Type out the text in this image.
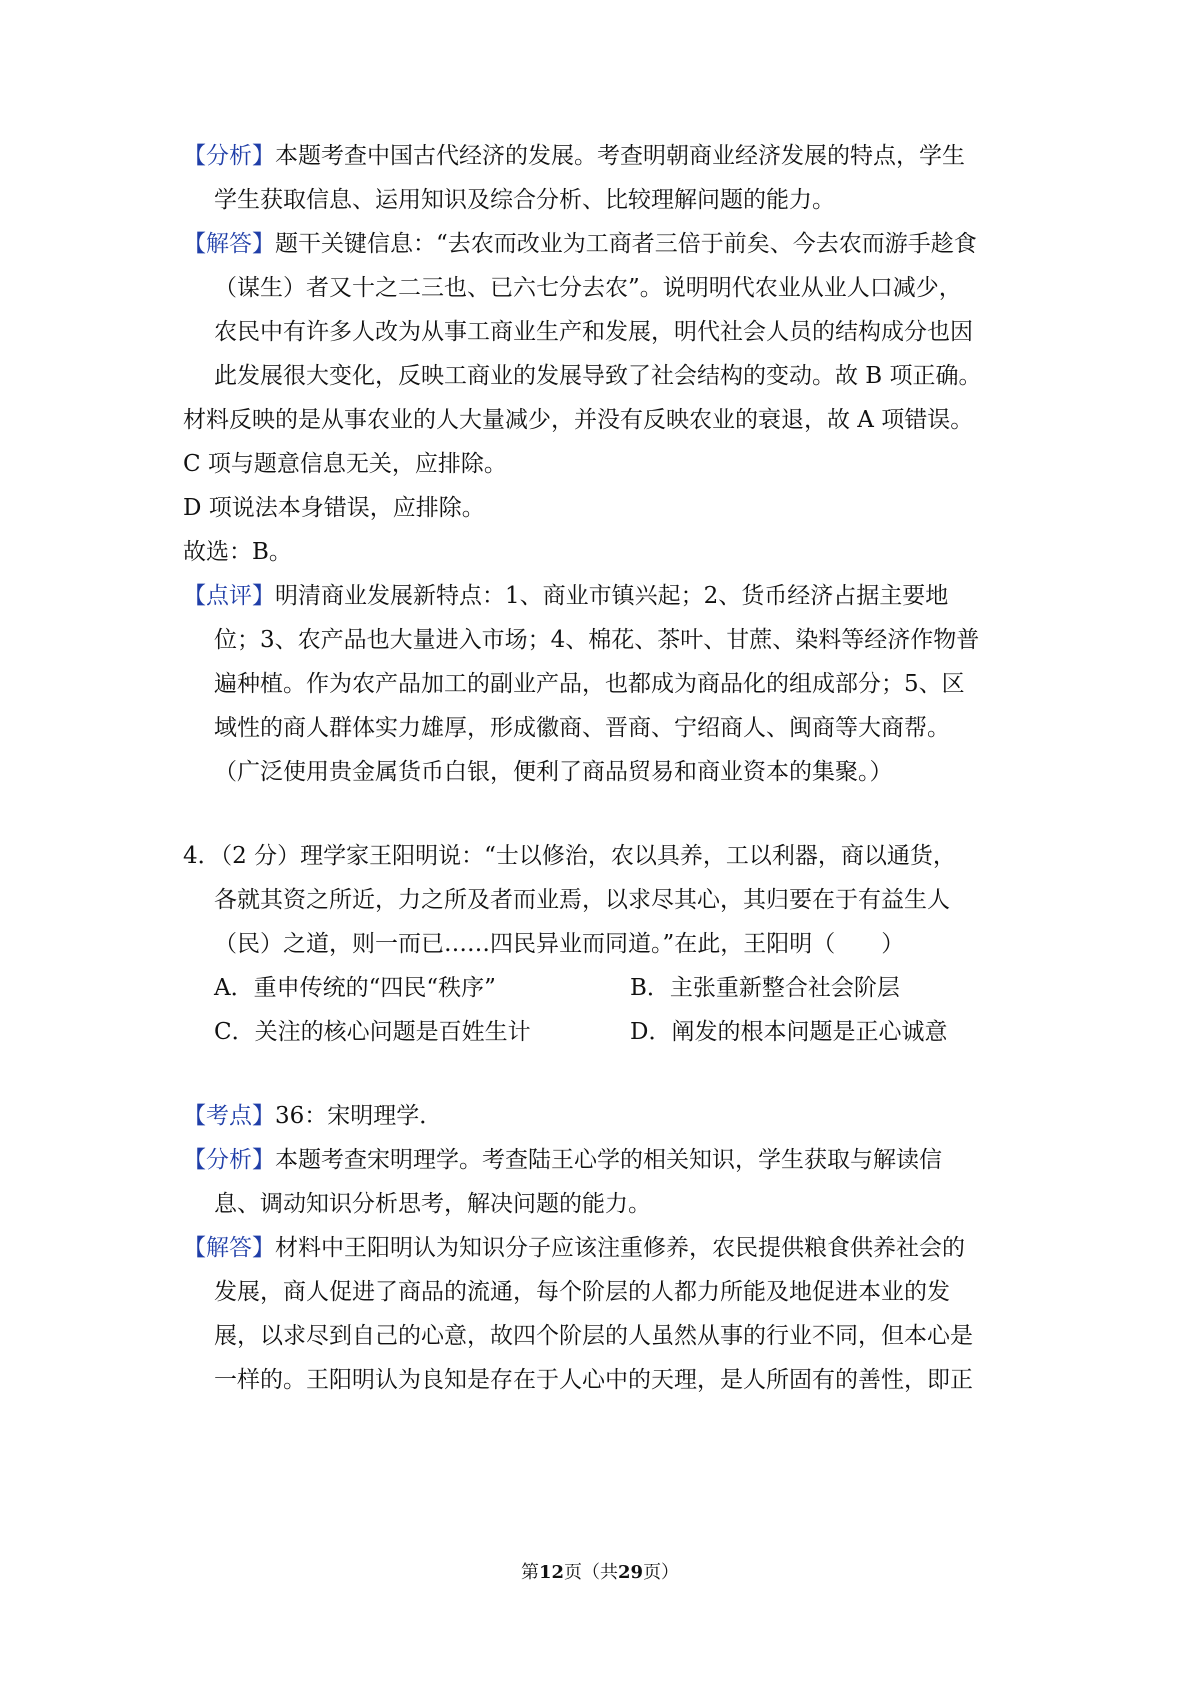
【分析】本题考查中国古代经济的发展。考查明朝商业经济发展的特点，学生
学生获取信息、运用知识及综合分析、比较理解问题的能力。
【解答】题干关键信息：“去农而改业为工商者三倍于前矣、今去农而游手趁食
（谋生）者又十之二三也、已六七分去农”。说明明代农业从业人口减少，
农民中有许多人改为从事工商业生产和发展，明代社会人员的结构成分也因
此发展很大变化，反映工商业的发展导致了社会结构的变动。故 B 项正确。
材料反映的是从事农业的人大量减少，并没有反映农业的衰退，故 A 项错误。
C 项与题意信息无关，应排除。
D 项说法本身错误，应排除。
故选：B。
【点评】明清商业发展新特点：1、商业市镇兴起；2、货币经济占据主要地
位；3、农产品也大量进入市场；4、棉花、茶叶、甘蔗、染料等经济作物普
遍种植。作为农产品加工的副业产品，也都成为商品化的组成部分；5、区
域性的商人群体实力雄厚，形成徽商、晋商、宁绍商人、闽商等大商帮。
（广泛使用贵金属货币白银，便利了商品贸易和商业资本的集聚。）
4．（2 分）理学家王阳明说：“士以修治，农以具养，工以利器，商以通货，
各就其资之所近，力之所及者而业焉，以求尽其心，其归要在于有益生人
（民）之道，则一而已……四民异业而同道。”在此，王阳明（　　）
A．重申传统的“四民“秩序”	B．主张重新整合社会阶层
C．关注的核心问题是百姓生计	D．阐发的根本问题是正心诚意
【考点】36：宋明理学．
【分析】本题考查宋明理学。考查陆王心学的相关知识，学生获取与解读信
息、调动知识分析思考，解决问题的能力。
【解答】材料中王阳明认为知识分子应该注重修养，农民提供粮食供养社会的
发展，商人促进了商品的流通，每个阶层的人都力所能及地促进本业的发
展，以求尽到自己的心意，故四个阶层的人虽然从事的行业不同，但本心是
一样的。王阳明认为良知是存在于人心中的天理，是人所固有的善性，即正
第12页（共29页）
